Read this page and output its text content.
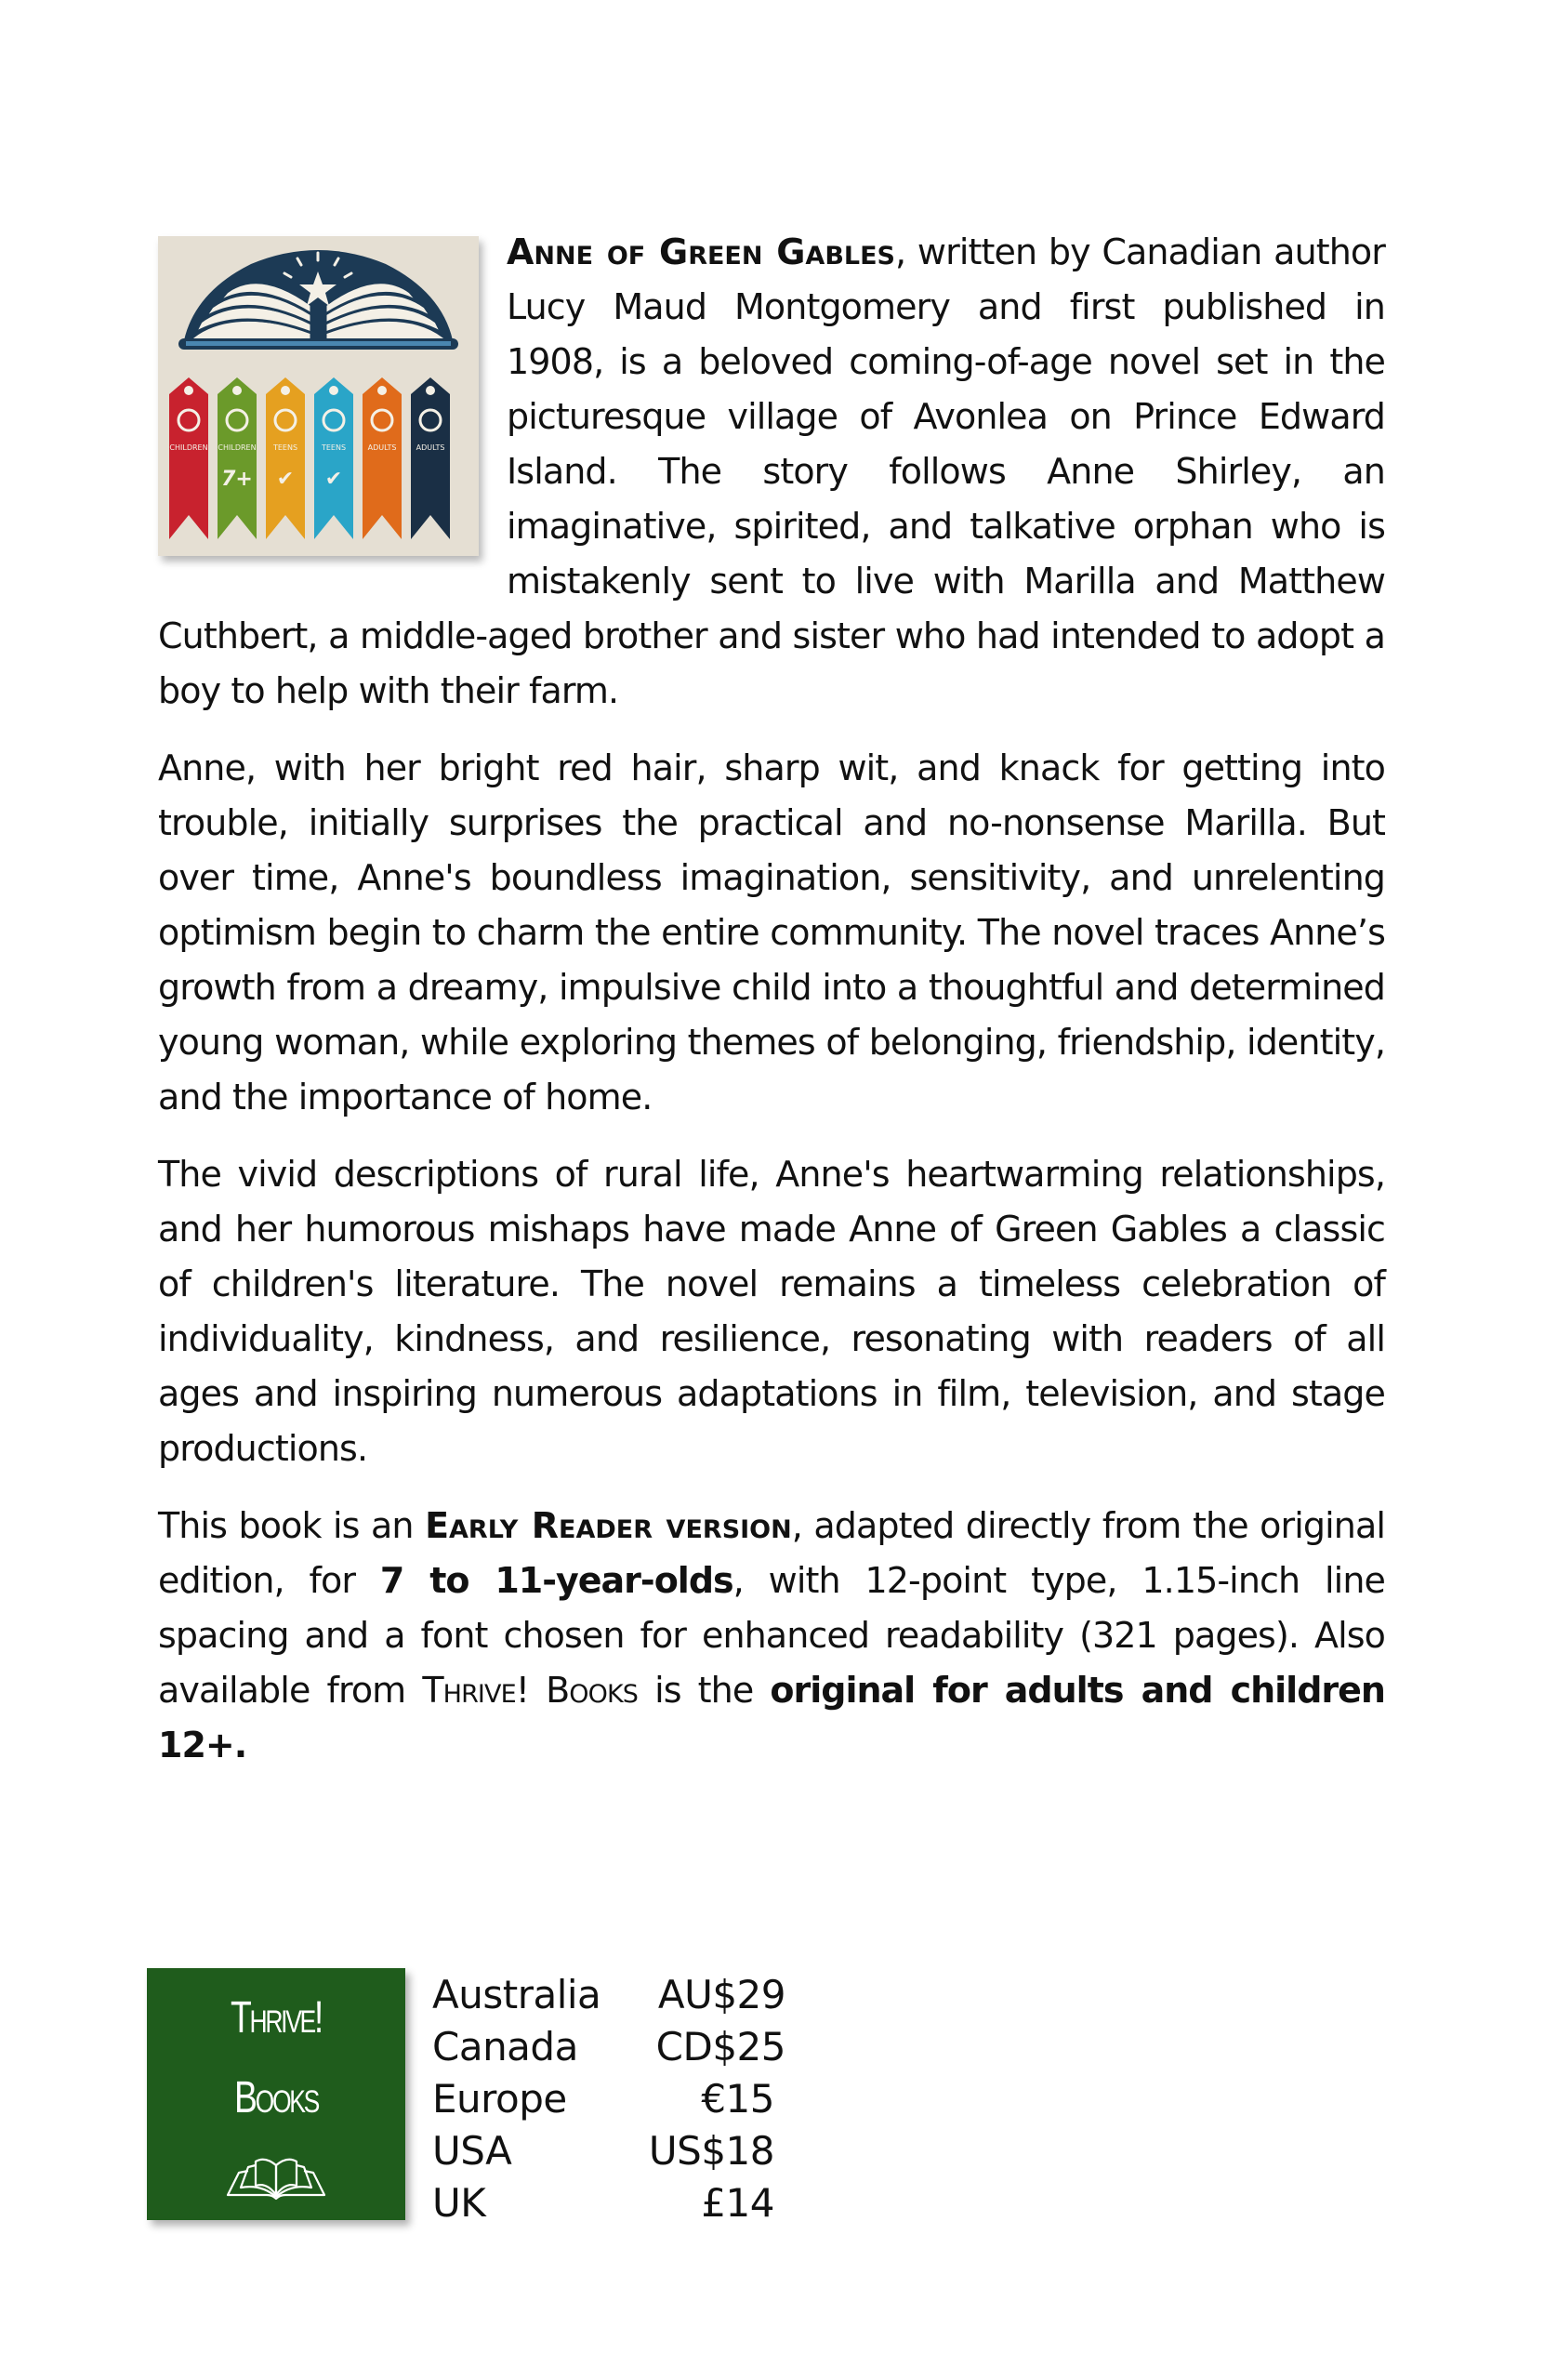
CHILDREN CHILDREN
7+
TEENS
✔
TEENS
✔
ADULTS	ADULTS

Anne of Green Gables, written by Canadian author Lucy Maud Montgomery and first published in 1908, is a beloved coming-of-age novel set in the picturesque village of Avonlea on Prince Edward Island. The story follows Anne Shirley, an imaginative, spirited, and talkative orphan who is mistakenly sent to live with Marilla and Matthew Cuthbert, a middle-aged brother and sister who had intended to adopt a boy to help with their farm.

Anne, with her bright red hair, sharp wit, and knack for getting into trouble, initially surprises the practical and no-nonsense Marilla. But over time, Anne's boundless imagination, sensitivity, and unrelenting optimism begin to charm the entire community. The novel traces Anne’s growth from a dreamy, impulsive child into a thoughtful and determined young woman, while exploring themes of belonging, friendship, identity, and the importance of home.

The vivid descriptions of rural life, Anne's heartwarming relationships, and her humorous mishaps have made Anne of Green Gables a classic of children's literature. The novel remains a timeless celebration of individuality, kindness, and resilience, resonating with readers of all ages and inspiring numerous adaptations in film, television, and stage productions.

This book is an Early Reader version, adapted directly from the original edition, for 7 to 11-year-olds, with 12-point type, 1.15-inch line spacing and a font chosen for enhanced readability (321 pages). Also available from Thrive! Books is the original for adults and children 12+.

Thrive!
Books
Australia AU$29
Canada CD$25
Europe	€15
USA	US$18
UK	£14
